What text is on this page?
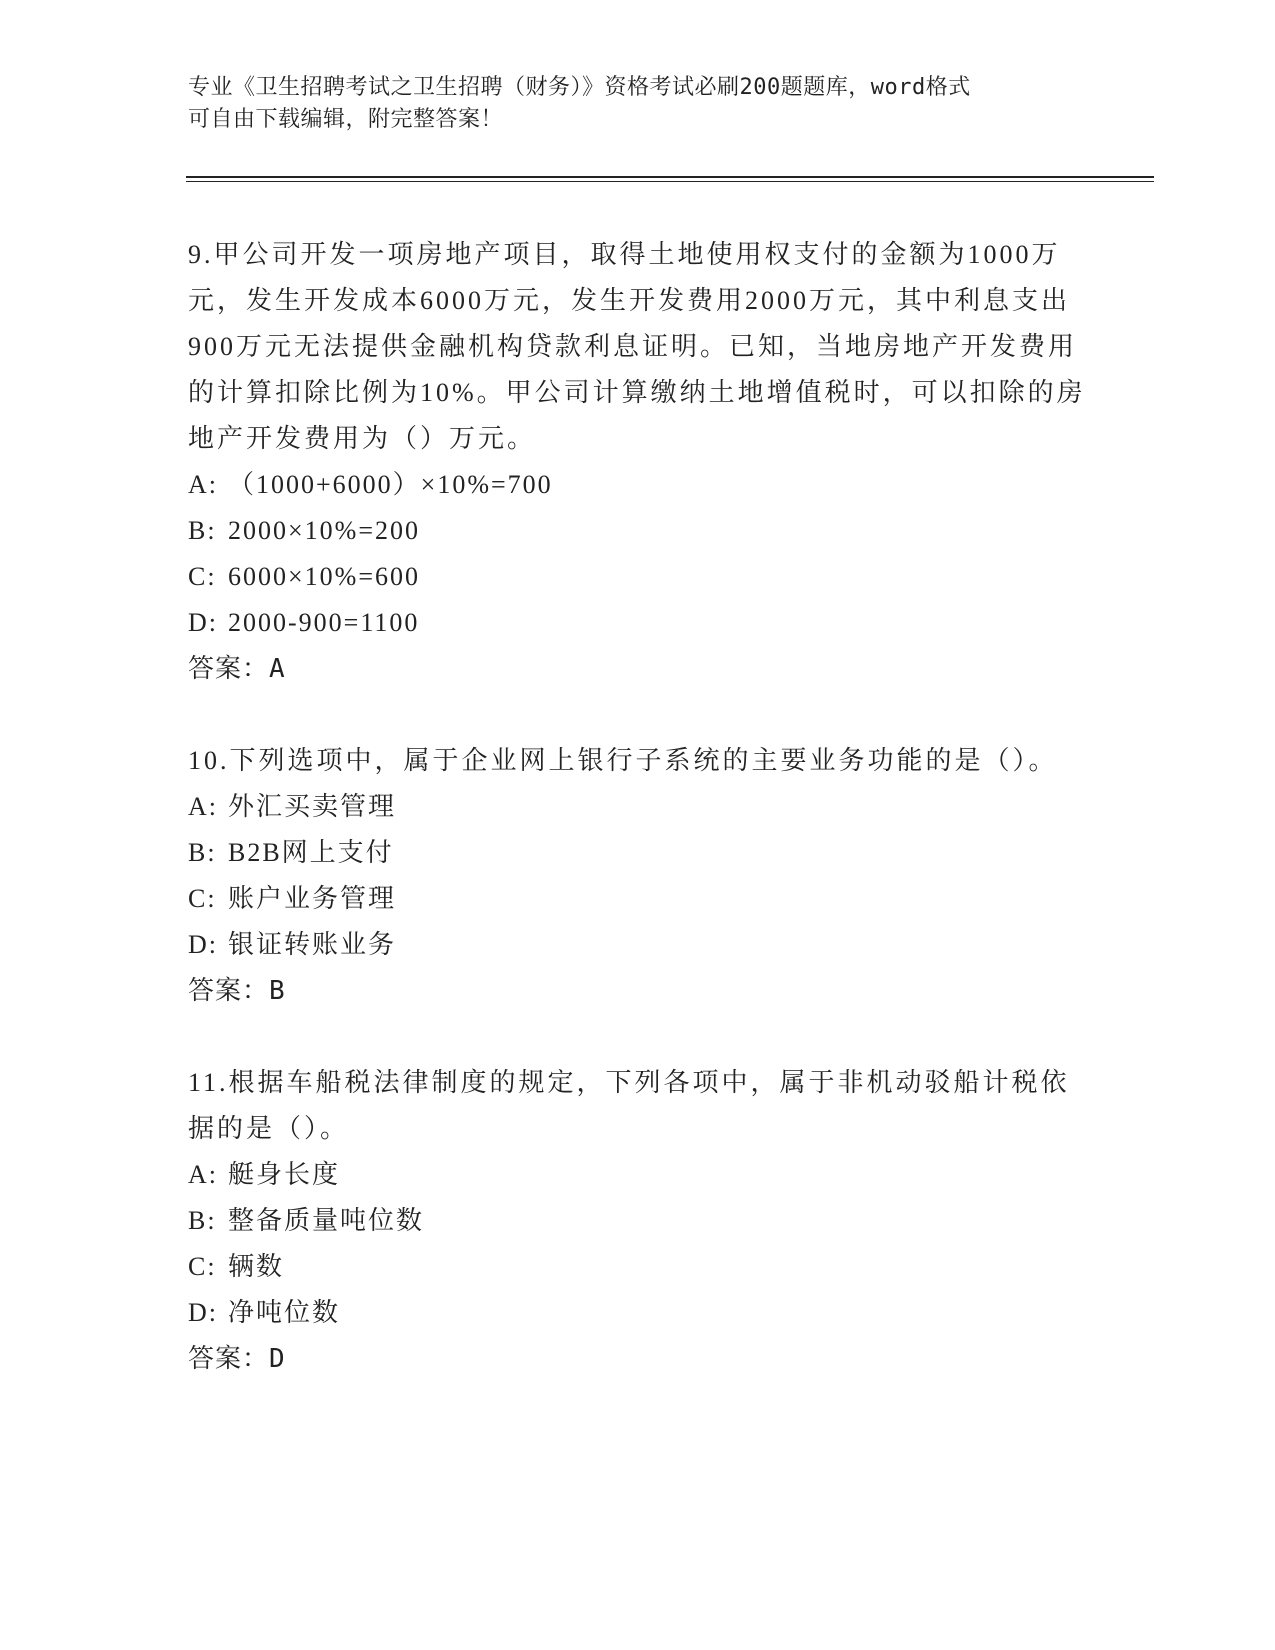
专业《卫生招聘考试之卫生招聘（财务）》资格考试必刷200题题库，word格式
可自由下载编辑，附完整答案！

9.甲公司开发一项房地产项目，取得土地使用权支付的金额为1000万元，发生开发成本6000万元，发生开发费用2000万元，其中利息支出900万元无法提供金融机构贷款利息证明。已知，当地房地产开发费用的计算扣除比例为10%。甲公司计算缴纳土地增值税时，可以扣除的房地产开发费用为（）万元。

A: （1000+6000）×10%=700

B: 2000×10%=200

C: 6000×10%=600

D: 2000-900=1100

答案：A

10.下列选项中，属于企业网上银行子系统的主要业务功能的是（）。

A: 外汇买卖管理

B: B2B网上支付

C: 账户业务管理

D: 银证转账业务

答案：B

11.根据车船税法律制度的规定，下列各项中，属于非机动驳船计税依据的是（）。

A: 艇身长度

B: 整备质量吨位数

C: 辆数

D: 净吨位数

答案：D
